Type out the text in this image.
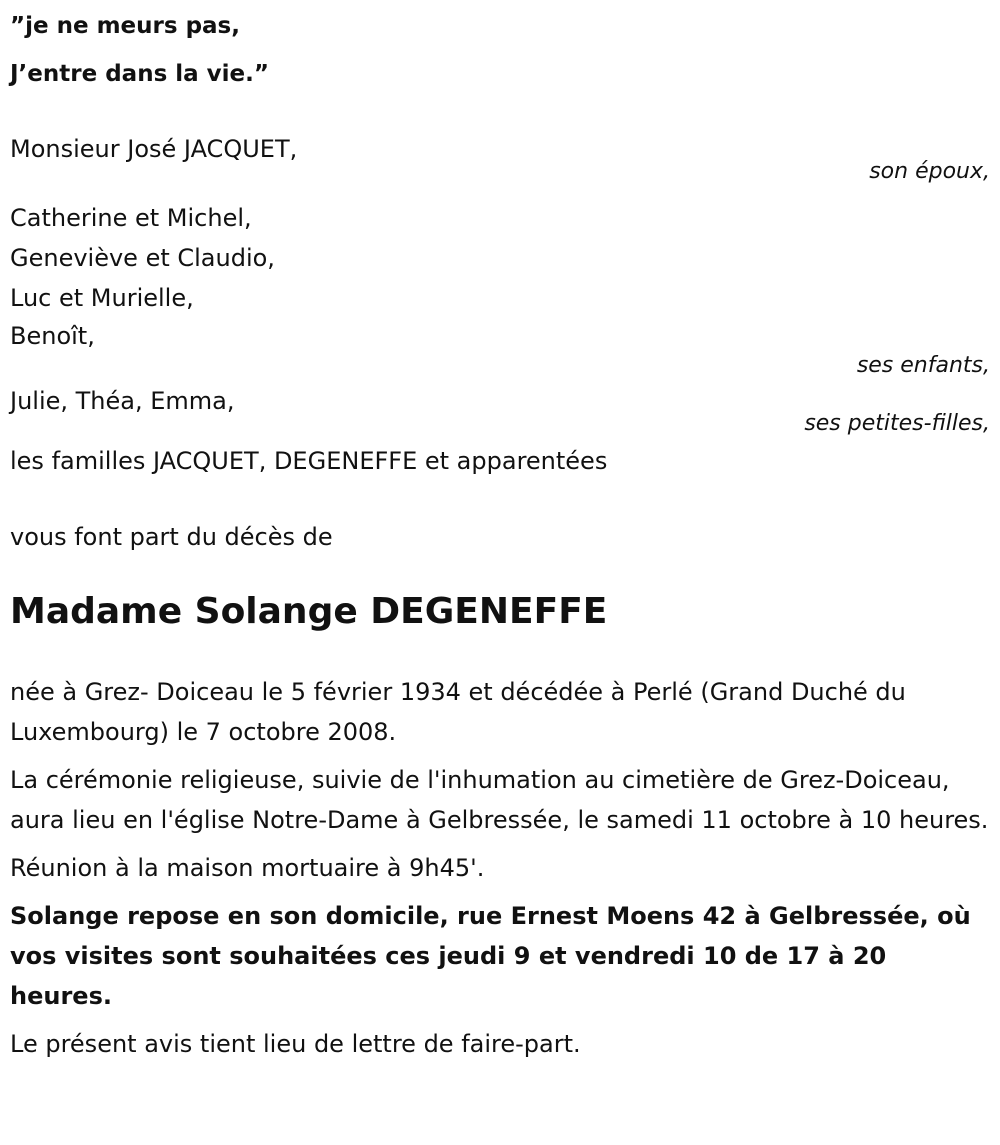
”je ne meurs pas,

J’entre dans la vie.”

Monsieur José JACQUET,

son époux,

Catherine et Michel,

Geneviève et Claudio,

Luc et Murielle,

Benoît,

ses enfants,

Julie, Théa, Emma,

ses petites-filles,

les familles JACQUET, DEGENEFFE et apparentées

vous font part du décès de

Madame Solange DEGENEFFE

née à Grez- Doiceau le 5 février 1934 et décédée à Perlé (Grand Duché du Luxembourg) le 7 octobre 2008.

La cérémonie religieuse, suivie de l'inhumation au cimetière de Grez-Doiceau, aura lieu en l'église Notre-Dame à Gelbressée, le samedi 11 octobre à 10 heures.

Réunion à la maison mortuaire à 9h45'.

Solange repose en son domicile, rue Ernest Moens 42 à Gelbressée, où vos visites sont souhaitées ces jeudi 9 et vendredi 10 de 17 à 20 heures.

Le présent avis tient lieu de lettre de faire-part.
